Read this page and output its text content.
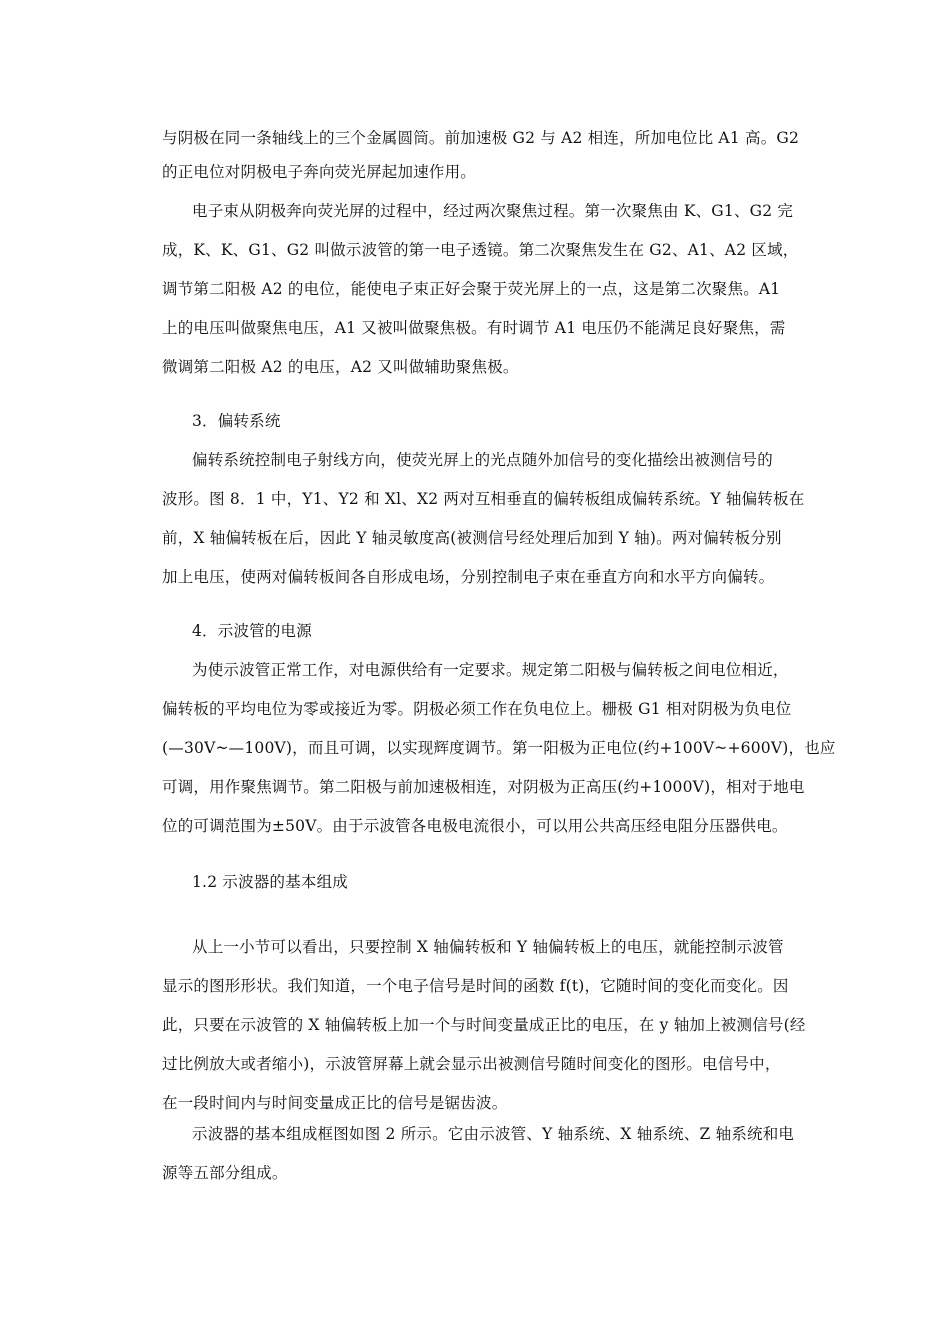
与阴极在同一条轴线上的三个金属圆筒。前加速极 G2 与 A2 相连，所加电位比 A1 高。G2
的正电位对阴极电子奔向荧光屏起加速作用。
电子束从阴极奔向荧光屏的过程中，经过两次聚焦过程。第一次聚焦由 K、G1、G2 完
成，K、K、G1、G2 叫做示波管的第一电子透镜。第二次聚焦发生在 G2、A1、A2 区域，
调节第二阳极 A2 的电位，能使电子束正好会聚于荧光屏上的一点，这是第二次聚焦。A1
上的电压叫做聚焦电压，A1 又被叫做聚焦极。有时调节 A1 电压仍不能满足良好聚焦，需
微调第二阳极 A2 的电压，A2 又叫做辅助聚焦极。
3．偏转系统
偏转系统控制电子射线方向，使荧光屏上的光点随外加信号的变化描绘出被测信号的
波形。图 8．1 中，Y1、Y2 和 Xl、X2 两对互相垂直的偏转板组成偏转系统。Y 轴偏转板在
前，X 轴偏转板在后，因此 Y 轴灵敏度高(被测信号经处理后加到 Y 轴)。两对偏转板分别
加上电压，使两对偏转板间各自形成电场，分别控制电子束在垂直方向和水平方向偏转。
4．示波管的电源
为使示波管正常工作，对电源供给有一定要求。规定第二阳极与偏转板之间电位相近，
偏转板的平均电位为零或接近为零。阴极必须工作在负电位上。栅极 G1 相对阴极为负电位
(—30V~—100V)，而且可调，以实现辉度调节。第一阳极为正电位(约+100V~+600V)，也应
可调，用作聚焦调节。第二阳极与前加速极相连，对阴极为正高压(约+1000V)，相对于地电
位的可调范围为±50V。由于示波管各电极电流很小，可以用公共高压经电阻分压器供电。
1.2 示波器的基本组成
从上一小节可以看出，只要控制 X 轴偏转板和 Y 轴偏转板上的电压，就能控制示波管
显示的图形形状。我们知道，一个电子信号是时间的函数 f(t)，它随时间的变化而变化。因
此，只要在示波管的 X 轴偏转板上加一个与时间变量成正比的电压，在 y 轴加上被测信号(经
过比例放大或者缩小)，示波管屏幕上就会显示出被测信号随时间变化的图形。电信号中，
在一段时间内与时间变量成正比的信号是锯齿波。
示波器的基本组成框图如图 2 所示。它由示波管、Y 轴系统、X 轴系统、Z 轴系统和电
源等五部分组成。
